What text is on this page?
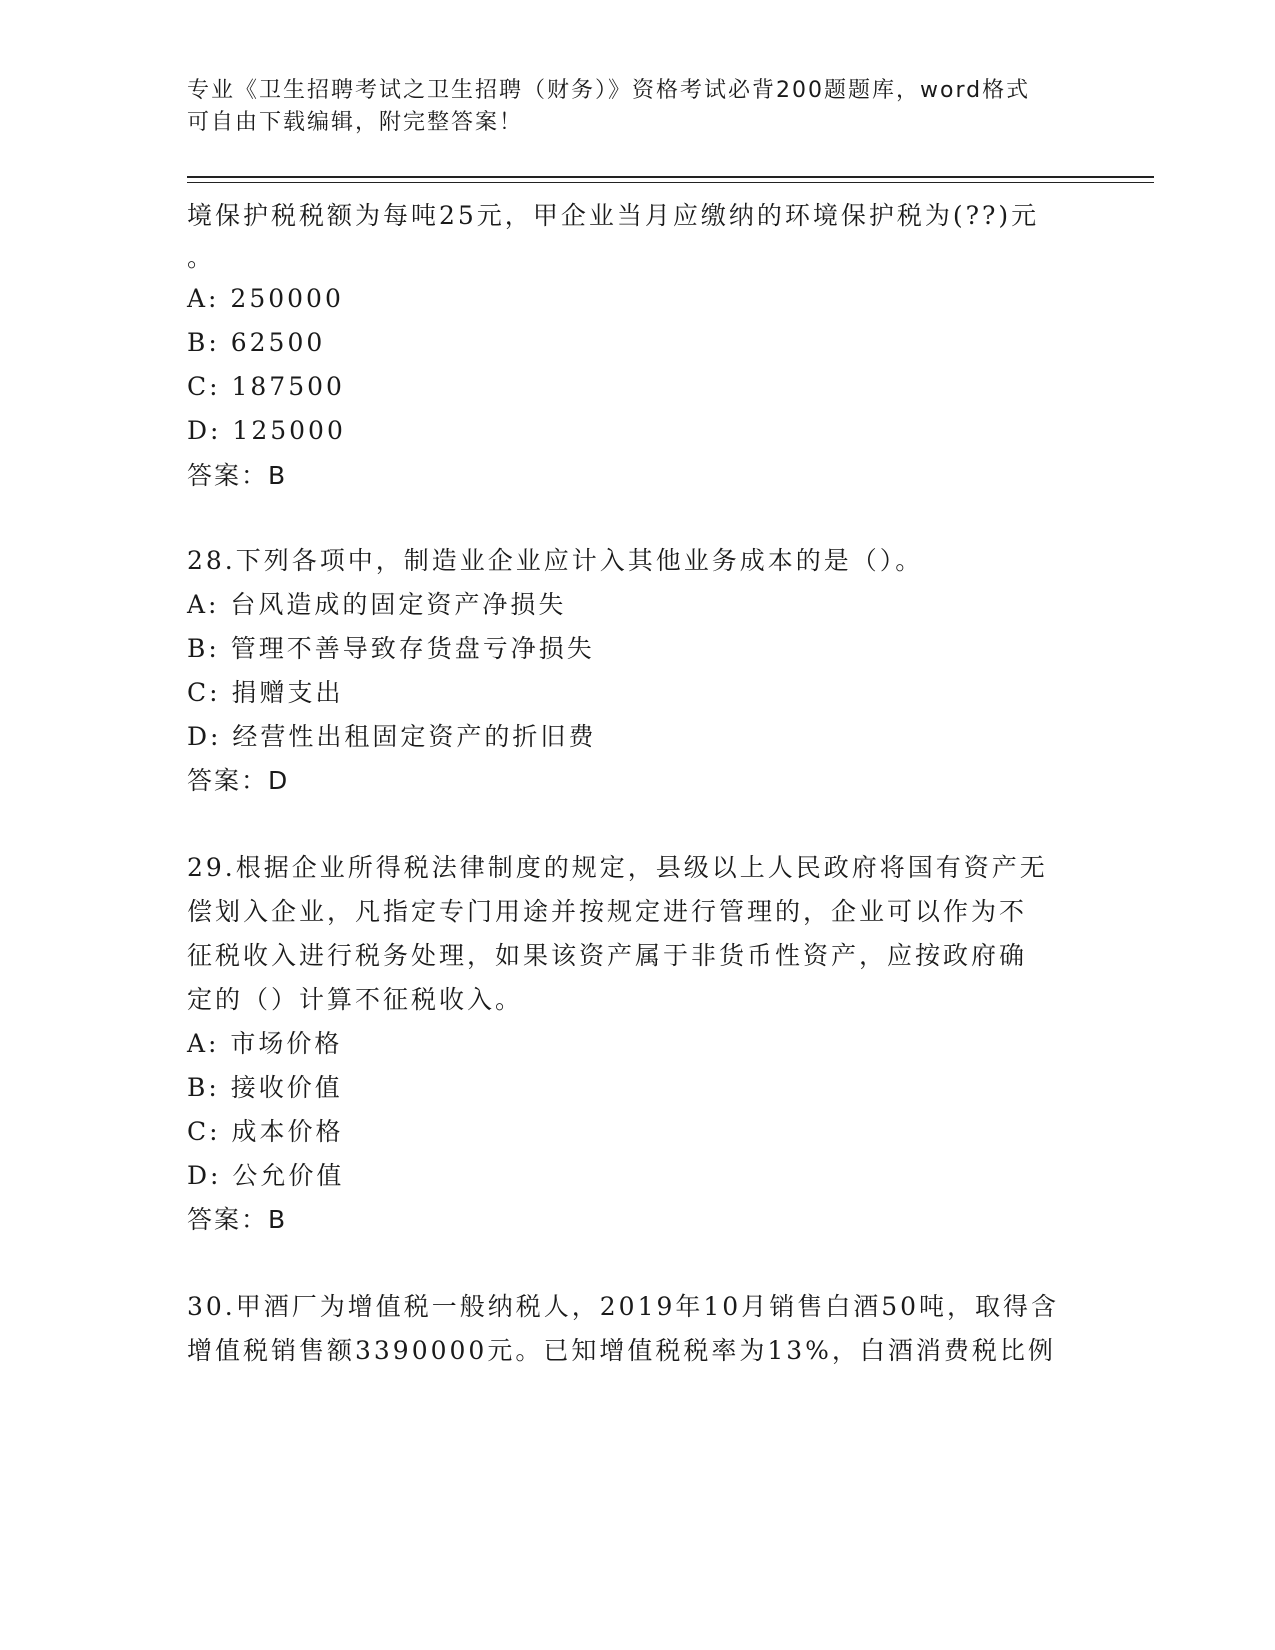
专业《卫生招聘考试之卫生招聘（财务）》资格考试必背200题题库，word格式
可自由下载编辑，附完整答案！
境保护税税额为每吨25元，甲企业当月应缴纳的环境保护税为(??)元
。
A: 250000
B: 62500
C: 187500
D: 125000
答案：B
28.下列各项中，制造业企业应计入其他业务成本的是（）。
A: 台风造成的固定资产净损失
B: 管理不善导致存货盘亏净损失
C: 捐赠支出
D: 经营性出租固定资产的折旧费
答案：D
29.根据企业所得税法律制度的规定，县级以上人民政府将国有资产无
偿划入企业，凡指定专门用途并按规定进行管理的，企业可以作为不
征税收入进行税务处理，如果该资产属于非货币性资产，应按政府确
定的（）计算不征税收入。
A: 市场价格
B: 接收价值
C: 成本价格
D: 公允价值
答案：B
30.甲酒厂为增值税一般纳税人，2019年10月销售白酒50吨，取得含
增值税销售额3390000元。已知增值税税率为13%，白酒消费税比例
